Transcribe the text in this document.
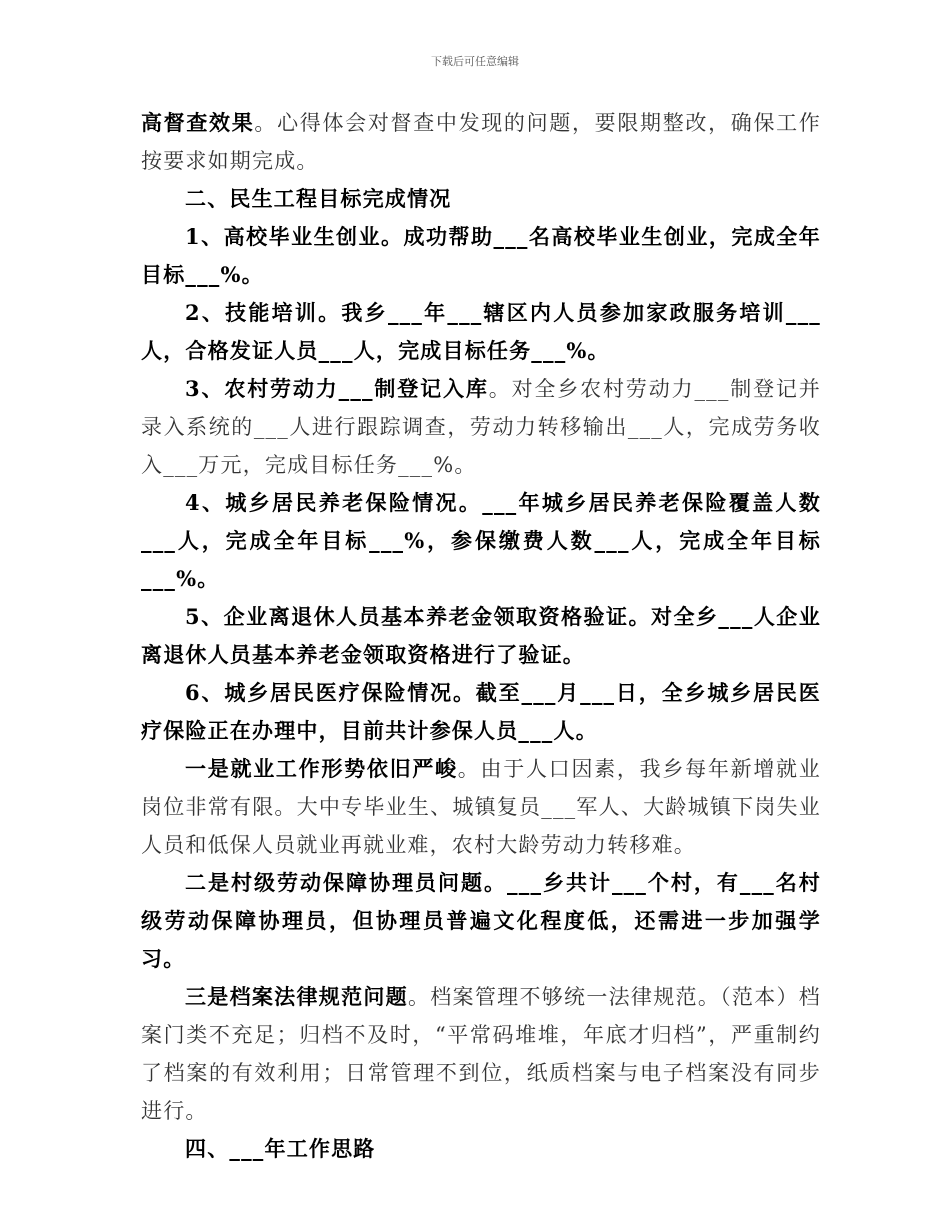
下载后可任意编辑

高督查效果。心得体会对督查中发现的问题，要限期整改，确保工作按要求如期完成。

二、民生工程目标完成情况

1、高校毕业生创业。成功帮助___名高校毕业生创业，完成全年目标___%。

2、技能培训。我乡___年___辖区内人员参加家政服务培训___人，合格发证人员___人，完成目标任务___%。

3、农村劳动力___制登记入库。对全乡农村劳动力___制登记并录入系统的___人进行跟踪调查，劳动力转移输出___人，完成劳务收入___万元，完成目标任务___%。

4、城乡居民养老保险情况。___年城乡居民养老保险覆盖人数___人，完成全年目标___%，参保缴费人数___人，完成全年目标___%。

5、企业离退休人员基本养老金领取资格验证。对全乡___人企业离退休人员基本养老金领取资格进行了验证。

6、城乡居民医疗保险情况。截至___月___日，全乡城乡居民医疗保险正在办理中，目前共计参保人员___人。

一是就业工作形势依旧严峻。由于人口因素，我乡每年新增就业岗位非常有限。大中专毕业生、城镇复员___军人、大龄城镇下岗失业人员和低保人员就业再就业难，农村大龄劳动力转移难。

二是村级劳动保障协理员问题。___乡共计___个村，有___名村级劳动保障协理员，但协理员普遍文化程度低，还需进一步加强学习。

三是档案法律规范问题。档案管理不够统一法律规范。（范本）档案门类不充足；归档不及时，“平常码堆堆，年底才归档”，严重制约了档案的有效利用；日常管理不到位，纸质档案与电子档案没有同步进行。

四、___年工作思路
